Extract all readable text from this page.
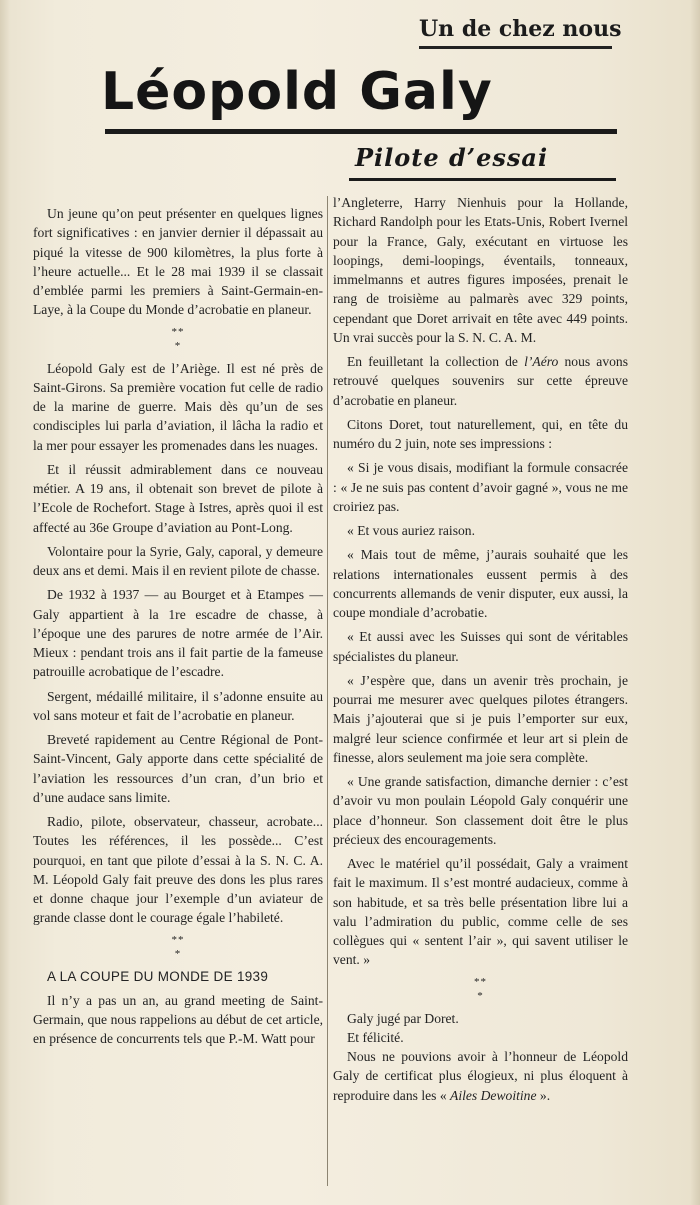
Un de chez nous
Léopold Galy
Pilote d’essai

Un jeune qu’on peut présenter en quelques lignes fort significatives : en janvier dernier il dépassait au piqué la vitesse de 900 kilomètres, la plus forte à l’heure actuelle... Et le 28 mai 1939 il se classait d’emblée parmi les premiers à Saint-Germain-en-Laye, à la Coupe du Monde d’acrobatie en planeur.

**
*

Léopold Galy est de l’Ariège. Il est né près de Saint-Girons. Sa première vocation fut celle de radio de la marine de guerre. Mais dès qu’un de ses condisciples lui parla d’aviation, il lâcha la radio et la mer pour essayer les promenades dans les nuages.

Et il réussit admirablement dans ce nouveau métier. A 19 ans, il obtenait son brevet de pilote à l’Ecole de Rochefort. Stage à Istres, après quoi il est affecté au 36e Groupe d’aviation au Pont-Long.

Volontaire pour la Syrie, Galy, caporal, y demeure deux ans et demi. Mais il en revient pilote de chasse.

De 1932 à 1937 — au Bourget et à Etampes — Galy appartient à la 1re escadre de chasse, à l’époque une des parures de notre armée de l’Air. Mieux : pendant trois ans il fait partie de la fameuse patrouille acrobatique de l’escadre.

Sergent, médaillé militaire, il s’adonne ensuite au vol sans moteur et fait de l’acrobatie en planeur.

Breveté rapidement au Centre Régional de Pont-Saint-Vincent, Galy apporte dans cette spécialité de l’aviation les ressources d’un cran, d’un brio et d’une audace sans limite.

Radio, pilote, observateur, chasseur, acrobate... Toutes les références, il les possède... C’est pourquoi, en tant que pilote d’essai à la S. N. C. A. M. Léopold Galy fait preuve des dons les plus rares et donne chaque jour l’exemple d’un aviateur de grande classe dont le courage égale l’habileté.

**
*

A LA COUPE DU MONDE DE 1939

Il n’y a pas un an, au grand meeting de Saint-Germain, que nous rappelions au début de cet article, en présence de concurrents tels que P.-M. Watt pour

l’Angleterre, Harry Nienhuis pour la Hollande, Richard Randolph pour les Etats-Unis, Robert Ivernel pour la France, Galy, exécutant en virtuose les loopings, demi-loopings, éventails, tonneaux, immelmanns et autres figures imposées, prenait le rang de troisième au palmarès avec 329 points, cependant que Doret arrivait en tête avec 449 points. Un vrai succès pour la S. N. C. A. M.

En feuilletant la collection de l’Aéro nous avons retrouvé quelques souvenirs sur cette épreuve d’acrobatie en planeur.

Citons Doret, tout naturellement, qui, en tête du numéro du 2 juin, note ses impressions :

« Si je vous disais, modifiant la formule consacrée : « Je ne suis pas content d’avoir gagné », vous ne me croiriez pas.

« Et vous auriez raison.

« Mais tout de même, j’aurais souhaité que les relations internationales eussent permis à des concurrents allemands de venir disputer, eux aussi, la coupe mondiale d’acrobatie.

« Et aussi avec les Suisses qui sont de véritables spécialistes du planeur.

« J’espère que, dans un avenir très prochain, je pourrai me mesurer avec quelques pilotes étrangers. Mais j’ajouterai que si je puis l’emporter sur eux, malgré leur science confirmée et leur art si plein de finesse, alors seulement ma joie sera complète.

« Une grande satisfaction, dimanche dernier : c’est d’avoir vu mon poulain Léopold Galy conquérir une place d’honneur. Son classement doit être le plus précieux des encouragements.

Avec le matériel qu’il possédait, Galy a vraiment fait le maximum. Il s’est montré audacieux, comme à son habitude, et sa très belle présentation libre lui a valu l’admiration du public, comme celle de ses collègues qui « sentent l’air », qui savent utiliser le vent. »

**
*

Galy jugé par Doret.

Et félicité.

Nous ne pouvions avoir à l’honneur de Léopold Galy de certificat plus élogieux, ni plus éloquent à reproduire dans les « Ailes Dewoitine ».
